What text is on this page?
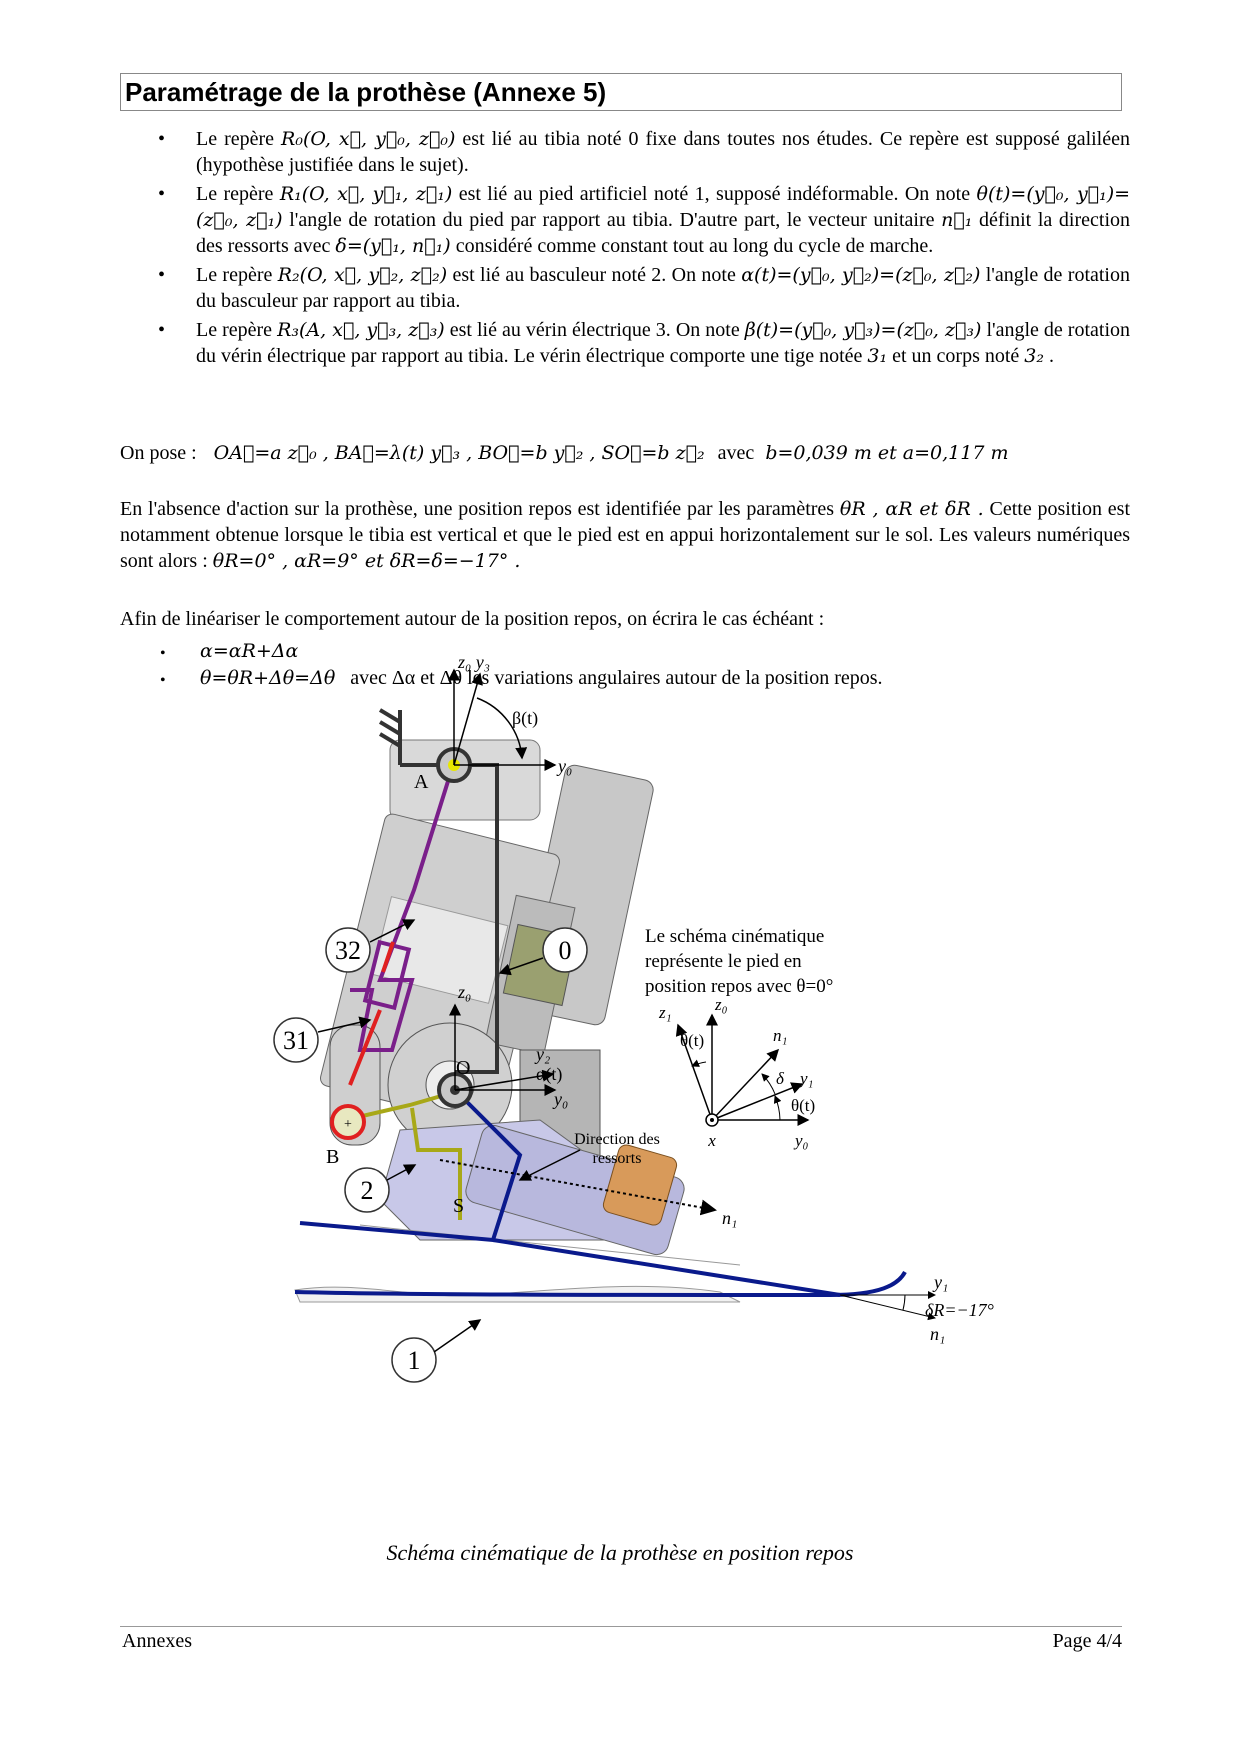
Paramétrage de la prothèse (Annexe 5)
• Le repère R₀(O, x⃗, y⃗₀, z⃗₀) est lié au tibia noté 0 fixe dans toutes nos études. Ce repère est supposé galiléen (hypothèse justifiée dans le sujet).
• Le repère R₁(O, x⃗, y⃗₁, z⃗₁) est lié au pied artificiel noté 1, supposé indéformable. On note θ(t)=(y⃗₀, y⃗₁)=(z⃗₀, z⃗₁) l'angle de rotation du pied par rapport au tibia. D'autre part, le vecteur unitaire n⃗₁ définit la direction des ressorts avec δ=(y⃗₁, n⃗₁) considéré comme constant tout au long du cycle de marche.
• Le repère R₂(O, x⃗, y⃗₂, z⃗₂) est lié au basculeur noté 2. On note α(t)=(y⃗₀, y⃗₂)=(z⃗₀, z⃗₂) l'angle de rotation du basculeur par rapport au tibia.
• Le repère R₃(A, x⃗, y⃗₃, z⃗₃) est lié au vérin électrique 3. On note β(t)=(y⃗₀, y⃗₃)=(z⃗₀, z⃗₃) l'angle de rotation du vérin électrique par rapport au tibia. Le vérin électrique comporte une tige notée 3₁ et un corps noté 3₂ .
On pose : OA⃗=a z⃗₀ , BA⃗=λ(t) y⃗₃ , BO⃗=b y⃗₂ , SO⃗=b z⃗₂ avec b=0,039 m et a=0,117 m
En l'absence d'action sur la prothèse, une position repos est identifiée par les paramètres θR , αR et δR . Cette position est notamment obtenue lorsque le tibia est vertical et que le pied est en appui horizontalement sur le sol. Les valeurs numériques sont alors : θR=0° , αR=9° et δR=δ=−17° .
Afin de linéariser le comportement autour de la position repos, on écrira le cas échéant :
• α=αR+Δα
• θ=θR+Δθ=Δθ avec Δα et Δθ les variations angulaires autour de la position repos.
+
z₀ y₃
β(t)
y₀
A
z₀
y₂
α(t)
y₀
O
B
S
32	0
31
2
1
Direction des
ressorts
n₁
y₁
δR=−17°
n₁
Le schéma cinématique
représente le pied en
position repos avec θ=0°
z₁	z₀
θ(t)	n₁
δ y₁
θ(t)
x	y₀
Schéma cinématique de la prothèse en position repos
Annexes	Page 4/4
